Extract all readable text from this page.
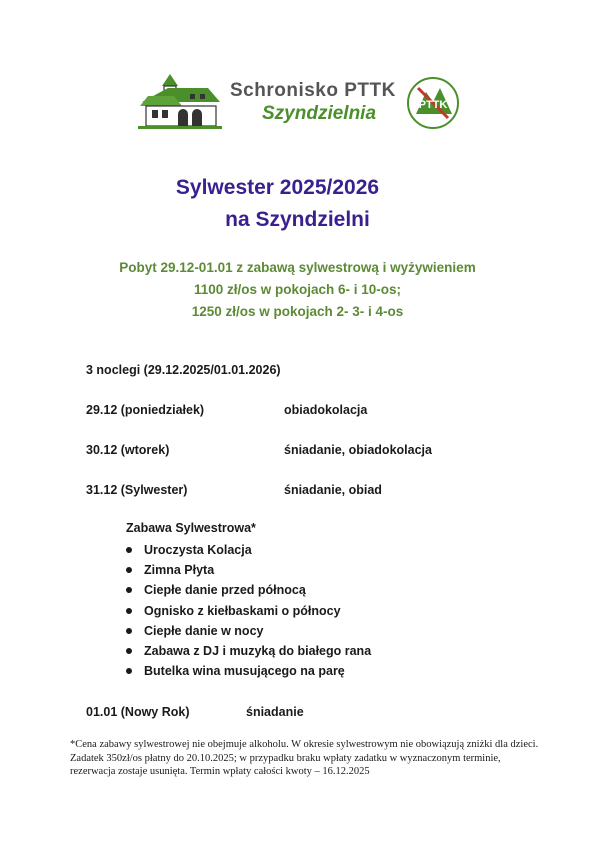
Schronisko PTTK
Szyndzielnia	PTTK
Sylwester 2025/2026
na Szyndzielni
Pobyt 29.12-01.01 z zabawą sylwestrową i wyżywieniem
1100 zł/os w pokojach 6- i 10-os;
1250 zł/os w pokojach 2- 3- i 4-os
3 noclegi (29.12.2025/01.01.2026)
29.12 (poniedziałek)	obiadokolacja
30.12 (wtorek)	śniadanie, obiadokolacja
31.12 (Sylwester)	śniadanie, obiad
Zabawa Sylwestrowa*
Uroczysta Kolacja
Zimna Płyta
Ciepłe danie przed północą
Ognisko z kiełbaskami o północy
Ciepłe danie w nocy
Zabawa z DJ i muzyką do białego rana
Butelka wina musującego na parę
01.01 (Nowy Rok)	śniadanie

*Cena zabawy sylwestrowej nie obejmuje alkoholu. W okresie sylwestrowym nie obowiązują zniżki dla dzieci.

Zadatek 350zł/os płatny do 20.10.2025; w przypadku braku wpłaty zadatku w wyznaczonym terminie, rezerwacja zostaje usunięta. Termin wpłaty całości kwoty – 16.12.2025
